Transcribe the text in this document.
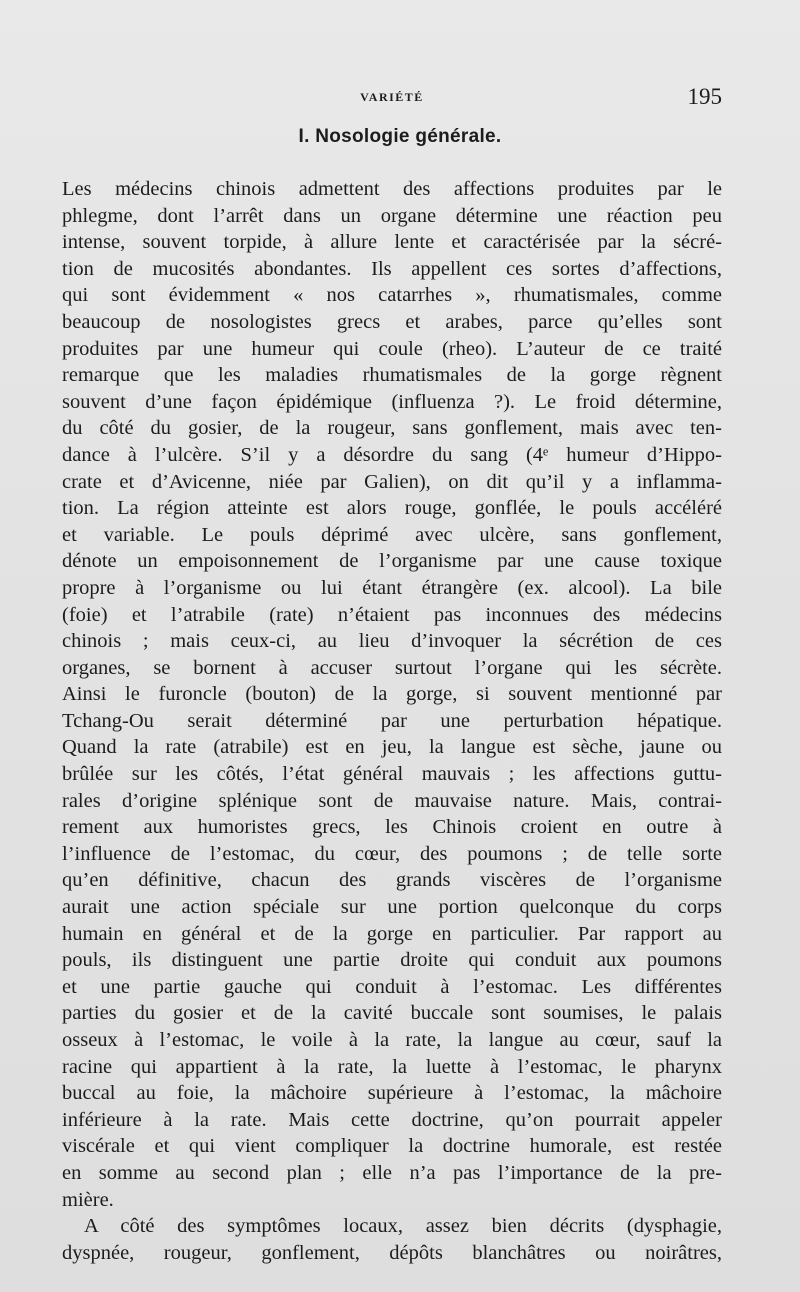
VARIÉTÉ	195
I. Nosologie générale.
Les médecins chinois admettent des affections produites par le
phlegme, dont l’arrêt dans un organe détermine une réaction peu
intense, souvent torpide, à allure lente et caractérisée par la sécré-
tion de mucosités abondantes. Ils appellent ces sortes d’affections,
qui sont évidemment « nos catarrhes », rhumatismales, comme
beaucoup de nosologistes grecs et arabes, parce qu’elles sont
produites par une humeur qui coule (rheo). L’auteur de ce traité
remarque que les maladies rhumatismales de la gorge règnent
souvent d’une façon épidémique (influenza ?). Le froid détermine,
du côté du gosier, de la rougeur, sans gonflement, mais avec ten-
dance à l’ulcère. S’il y a désordre du sang (4ᵉ humeur d’Hippo-
crate et d’Avicenne, niée par Galien), on dit qu’il y a inflamma-
tion. La région atteinte est alors rouge, gonflée, le pouls accéléré
et variable. Le pouls déprimé avec ulcère, sans gonflement,
dénote un empoisonnement de l’organisme par une cause toxique
propre à l’organisme ou lui étant étrangère (ex. alcool). La bile
(foie) et l’atrabile (rate) n’étaient pas inconnues des médecins
chinois ; mais ceux-ci, au lieu d’invoquer la sécrétion de ces
organes, se bornent à accuser surtout l’organe qui les sécrète.
Ainsi le furoncle (bouton) de la gorge, si souvent mentionné par
Tchang-Ou serait déterminé par une perturbation hépatique.
Quand la rate (atrabile) est en jeu, la langue est sèche, jaune ou
brûlée sur les côtés, l’état général mauvais ; les affections guttu-
rales d’origine splénique sont de mauvaise nature. Mais, contrai-
rement aux humoristes grecs, les Chinois croient en outre à
l’influence de l’estomac, du cœur, des poumons ; de telle sorte
qu’en définitive, chacun des grands viscères de l’organisme
aurait une action spéciale sur une portion quelconque du corps
humain en général et de la gorge en particulier. Par rapport au
pouls, ils distinguent une partie droite qui conduit aux poumons
et une partie gauche qui conduit à l’estomac. Les différentes
parties du gosier et de la cavité buccale sont soumises, le palais
osseux à l’estomac, le voile à la rate, la langue au cœur, sauf la
racine qui appartient à la rate, la luette à l’estomac, le pharynx
buccal au foie, la mâchoire supérieure à l’estomac, la mâchoire
inférieure à la rate. Mais cette doctrine, qu’on pourrait appeler
viscérale et qui vient compliquer la doctrine humorale, est restée
en somme au second plan ; elle n’a pas l’importance de la pre-
mière.
A côté des symptômes locaux, assez bien décrits (dysphagie,
dyspnée, rougeur, gonflement, dépôts blanchâtres ou noirâtres,
